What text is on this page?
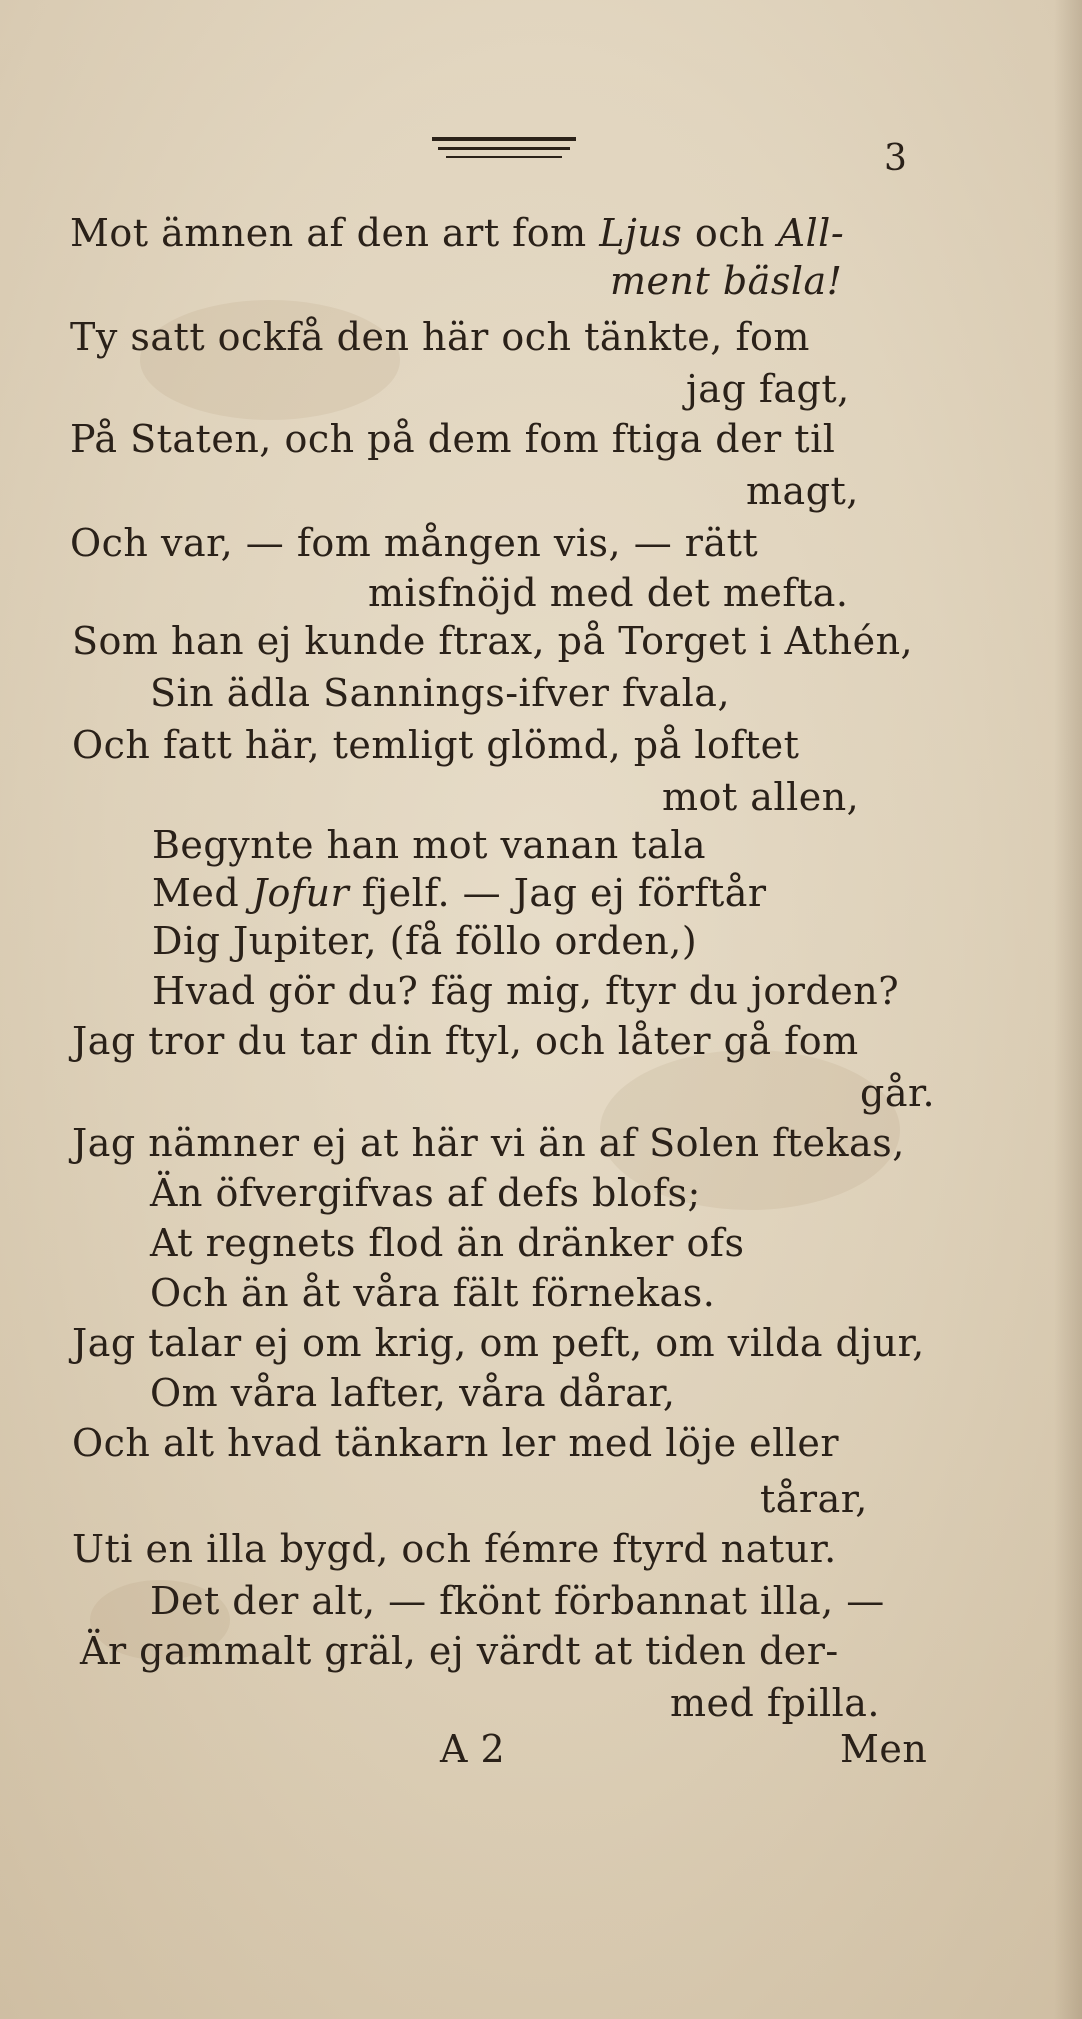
3
Mot ämnen af den art fom Ljus och All-
ment bäsla!
Ty satt ockfå den här och tänkte, fom
jag fagt,
På Staten, och på dem fom ftiga der til
magt,
Och var, — fom mången vis, — rätt
misfnöjd med det mefta.
Som han ej kunde ftrax, på Torget i Athén,
Sin ädla Sannings-ifver fvala,
Och fatt här, temligt glömd, på loftet
mot allen,
Begynte han mot vanan tala
Med Jofur fjelf. — Jag ej förftår
Dig Jupiter, (få föllo orden,)
Hvad gör du? fäg mig, ftyr du jorden?
Jag tror du tar din ftyl, och låter gå fom
går.
Jag nämner ej at här vi än af Solen ftekas,
Än öfvergifvas af defs blofs;
At regnets flod än dränker ofs
Och än åt våra fält förnekas.
Jag talar ej om krig, om peft, om vilda djur,
Om våra lafter, våra dårar,
Och alt hvad tänkarn ler med löje eller
tårar,
Uti en illa bygd, och fémre ftyrd natur.
Det der alt, — fkönt förbannat illa, —
Är gammalt gräl, ej värdt at tiden der-
med fpilla.
A 2	Men
